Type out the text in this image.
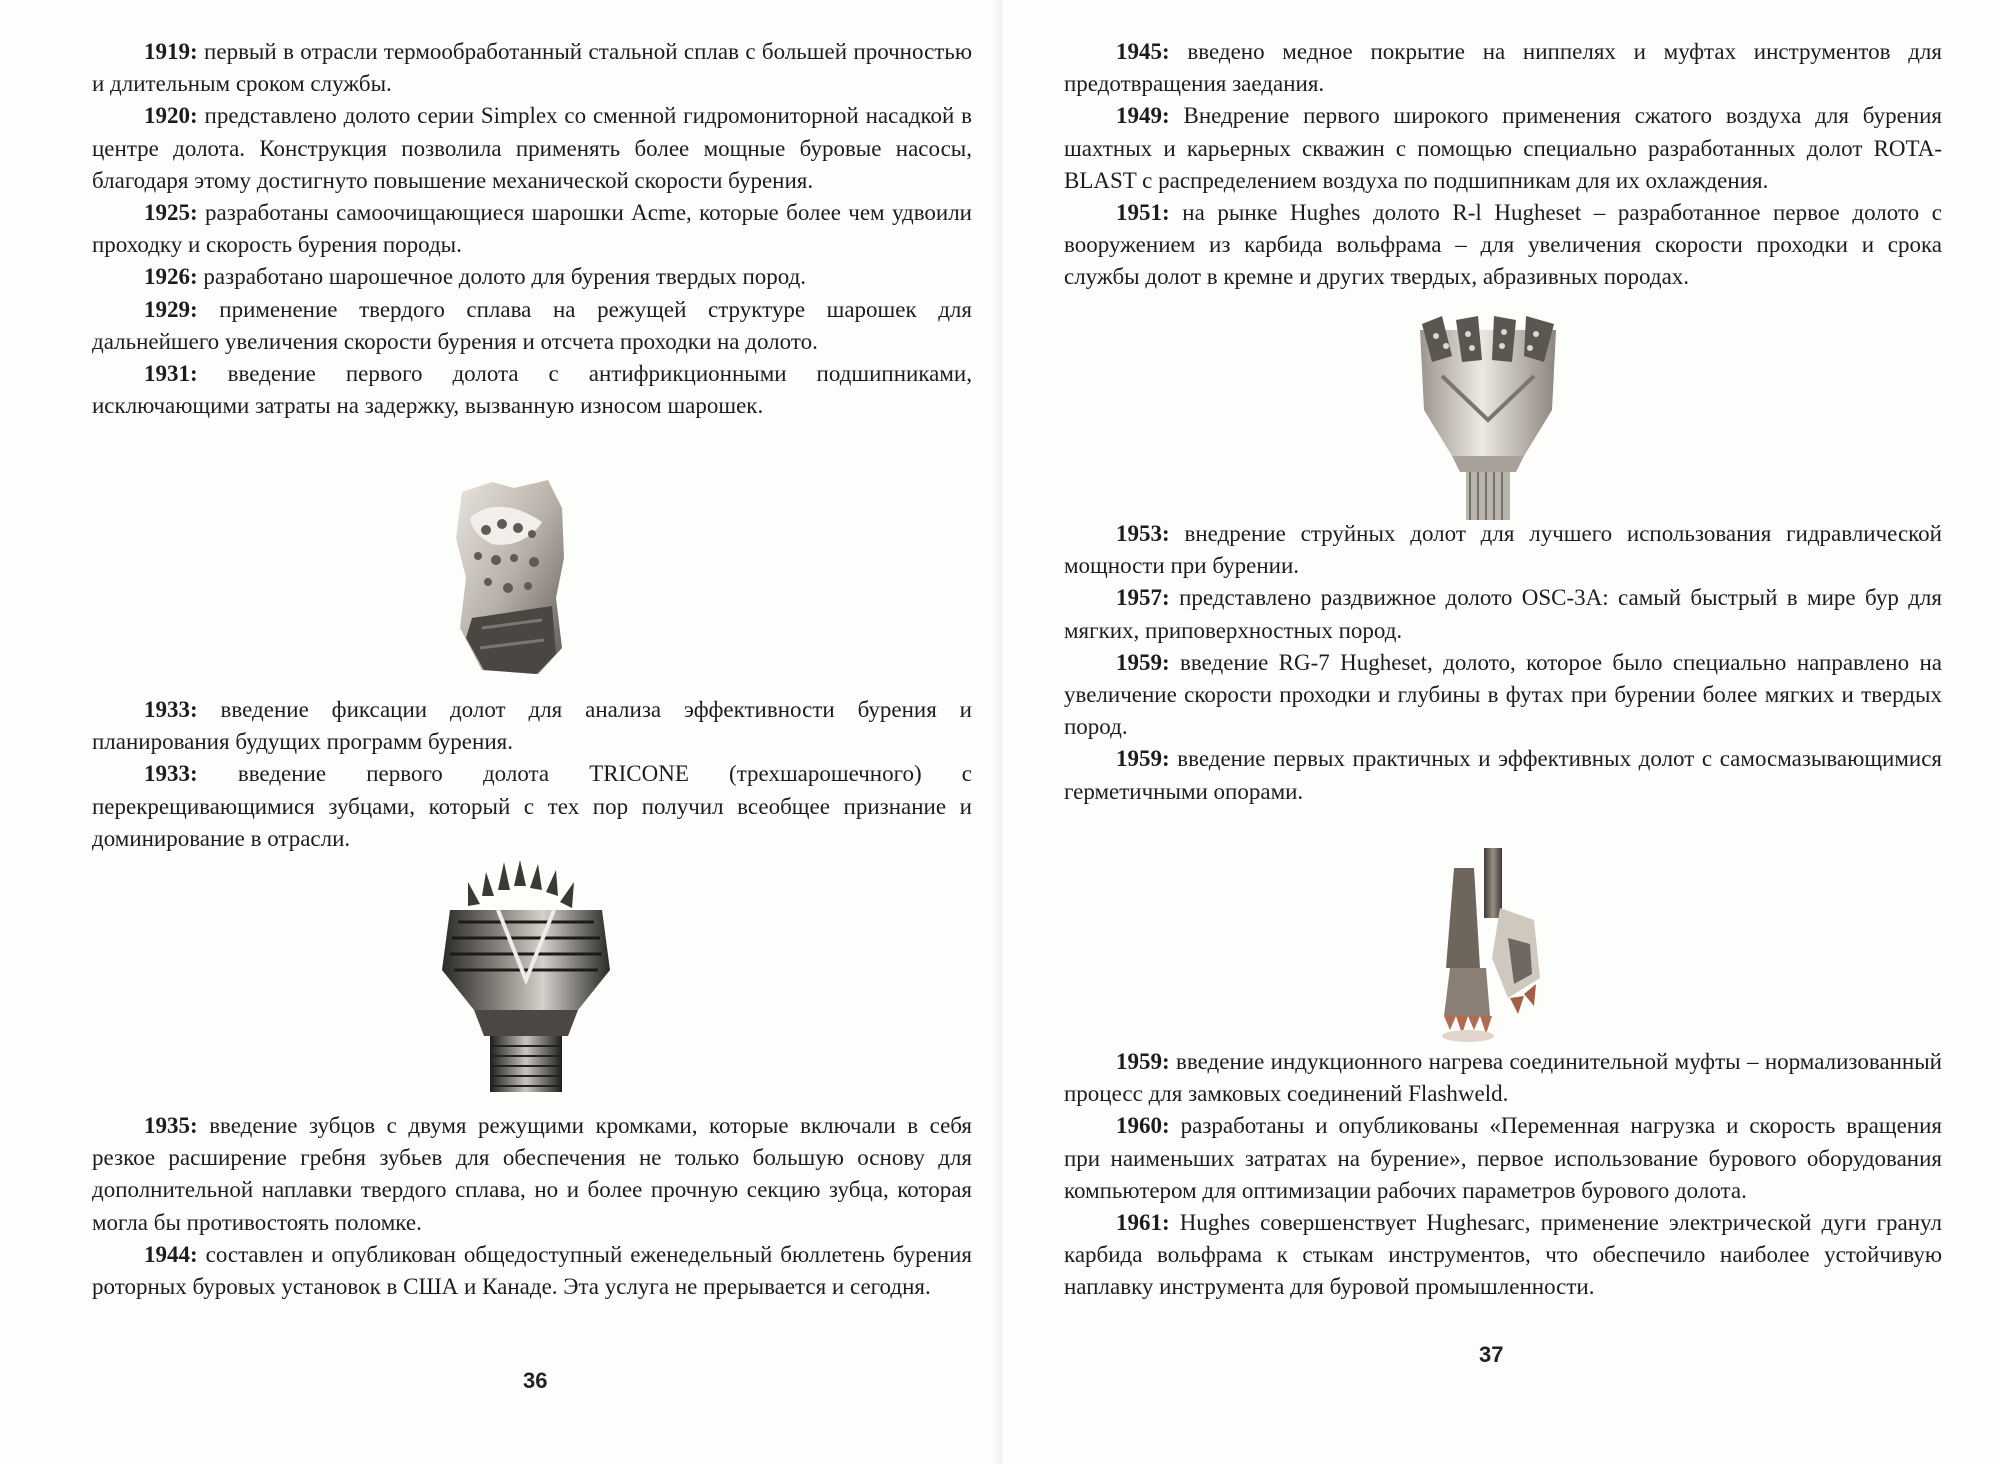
1919: первый в отрасли термообработанный стальной сплав с большей прочностью и длительным сроком службы.

1920: представлено долото серии Simplex со сменной гидромониторной насадкой в центре долота. Конструкция позволила применять более мощные буровые насосы, благодаря этому достигнуто повышение механической скорости бурения.

1925: разработаны самоочищающиеся шарошки Acme, которые более чем удвоили проходку и скорость бурения породы.

1926: разработано шарошечное долото для бурения твердых пород.

1929: применение твердого сплава на режущей структуре шарошек для дальнейшего увеличения скорости бурения и отсчета проходки на долото.

1931: введение первого долота с антифрикционными подшипниками, исключающими затраты на задержку, вызванную износом шарошек.

1933: введение фиксации долот для анализа эффективности бурения и планирования будущих программ бурения.

1933: введение первого долота TRICONE (трехшарошечного) с перекрещивающимися зубцами, который с тех пор получил всеобщее признание и доминирование в отрасли.

1935: введение зубцов с двумя режущими кромками, которые включали в себя резкое расширение гребня зубьев для обеспечения не только большую основу для дополнительной наплавки твердого сплава, но и более прочную секцию зубца, которая могла бы противостоять поломке.

1944: составлен и опубликован общедоступный еженедельный бюллетень бурения роторных буровых установок в США и Канаде. Эта услуга не прерывается и сегодня.

36

1945: введено медное покрытие на ниппелях и муфтах инструментов для предотвращения заедания.

1949: Внедрение первого широкого применения сжатого воздуха для бурения шахтных и карьерных скважин с помощью специально разработанных долот ROTA-BLAST с распределением воздуха по подшипникам для их охлаждения.

1951: на рынке Hughes долото R-l Hugheset – разработанное первое долото с вооружением из карбида вольфрама – для увеличения скорости проходки и срока службы долот в кремне и других твердых, абразивных породах.

1953: внедрение струйных долот для лучшего использования гидравлической мощности при бурении.

1957: представлено раздвижное долото OSC-3A: самый быстрый в мире бур для мягких, приповерхностных пород.

1959: введение RG-7 Hugheset, долото, которое было специально направлено на увеличение скорости проходки и глубины в футах при бурении более мягких и твердых пород.

1959: введение первых практичных и эффективных долот с самосмазывающимися герметичными опорами.

1959: введение индукционного нагрева соединительной муфты – нормализованный процесс для замковых соединений Flashweld.

1960: разработаны и опубликованы «Переменная нагрузка и скорость вращения при наименьших затратах на бурение», первое использование бурового оборудования компьютером для оптимизации рабочих параметров бурового долота.

1961: Hughes совершенствует Hughesarc, применение электрической дуги гранул карбида вольфрама к стыкам инструментов, что обеспечило наиболее устойчивую наплавку инструмента для буровой промышленности.

37
